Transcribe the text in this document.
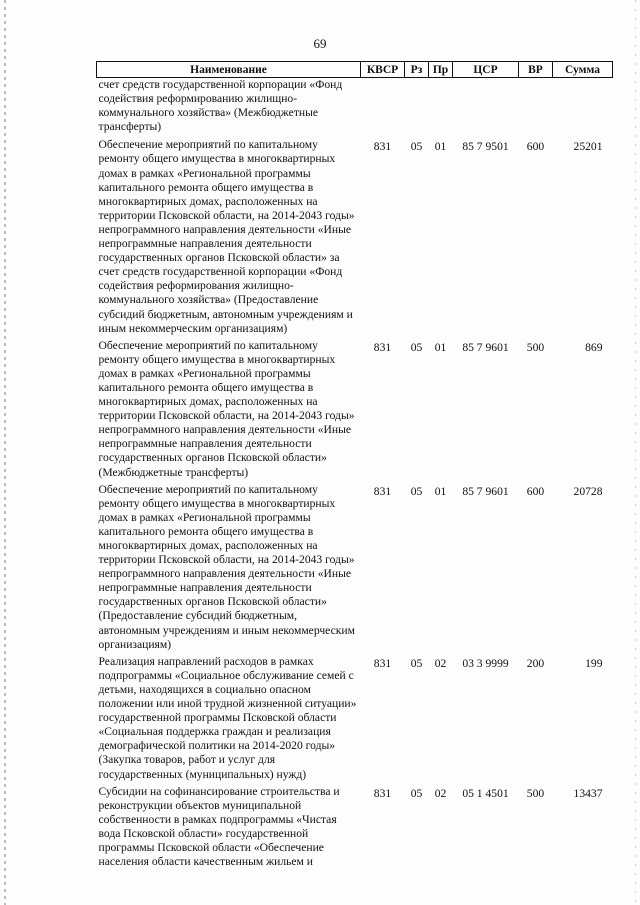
69
Наименование	КВСР	Рз	Пр	ЦСР	ВР	Сумма
счет средств государственной корпорации «Фонд содействия реформированию жилищно-коммунального хозяйства» (Межбюджетные трансферты)						
Обеспечение мероприятий по капитальному ремонту общего имущества в многоквартирных домах в рамках «Региональной программы капитального ремонта общего имущества в многоквартирных домах, расположенных на территории Псковской области, на 2014-2043 годы» непрограммного направления деятельности «Иные непрограммные направления деятельности государственных органов Псковской области» за счет средств государственной корпорации «Фонд содействия реформирования жилищно-коммунального хозяйства» (Предоставление субсидий бюджетным, автономным учреждениям и иным некоммерческим организациям)	831	05	01	85 7 9501	600	25201
Обеспечение мероприятий по капитальному ремонту общего имущества в многоквартирных домах в рамках «Региональной программы капитального ремонта общего имущества в многоквартирных домах, расположенных на территории Псковской области, на 2014-2043 годы» непрограммного направления деятельности «Иные непрограммные направления деятельности государственных органов Псковской области» (Межбюджетные трансферты)	831	05	01	85 7 9601	500	869
Обеспечение мероприятий по капитальному ремонту общего имущества в многоквартирных домах в рамках «Региональной программы капитального ремонта общего имущества в многоквартирных домах, расположенных на территории Псковской области, на 2014-2043 годы» непрограммного направления деятельности «Иные непрограммные направления деятельности государственных органов Псковской области» (Предоставление субсидий бюджетным, автономным учреждениям и иным некоммерческим организациям)	831	05	01	85 7 9601	600	20728
Реализация направлений расходов в рамках подпрограммы «Социальное обслуживание семей с детьми, находящихся в социально опасном положении или иной трудной жизненной ситуации» государственной программы Псковской области «Социальная поддержка граждан и реализация демографической политики на 2014-2020 годы» (Закупка товаров, работ и услуг для государственных (муниципальных) нужд)	831	05	02	03 3 9999	200	199
Субсидии на софинансирование строительства и реконструкции объектов муниципальной собственности в рамках подпрограммы «Чистая вода Псковской области» государственной программы Псковской области «Обеспечение населения области качественным жильем и	831	05	02	05 1 4501	500	13437
